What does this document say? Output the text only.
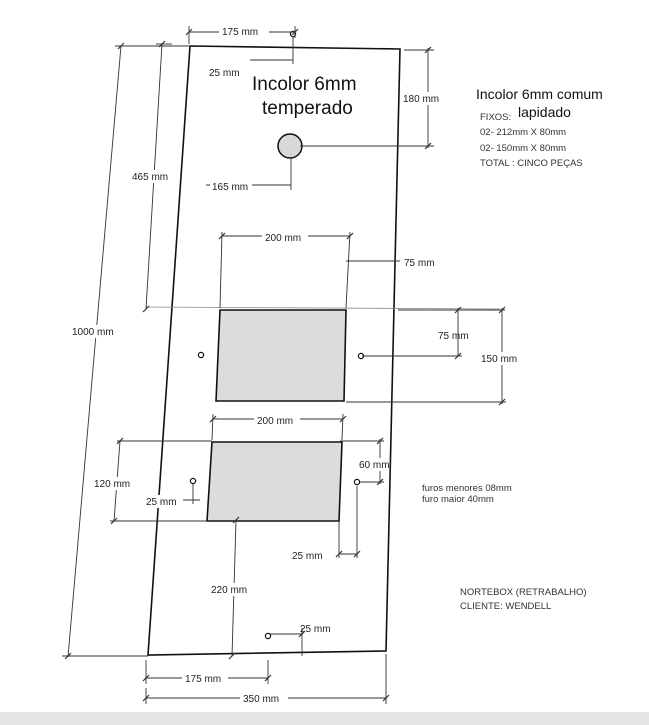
175 mm
25 mm
180 mm
465 mm
165 mm
200 mm
75 mm
1000 mm	75 mm
150 mm
200 mm
60 mm
120 mm
25 mm
25 mm
220 mm
25 mm
175 mm
350 mm
Incolor 6mm
temperado
Incolor 6mm comum
lapidado
FIXOS:
02- 212mm X 80mm
02- 150mm X 80mm
TOTAL : CINCO PEÇAS
furos menores 08mm
furo maior 40mm
NORTEBOX (RETRABALHO)
CLIENTE: WENDELL
